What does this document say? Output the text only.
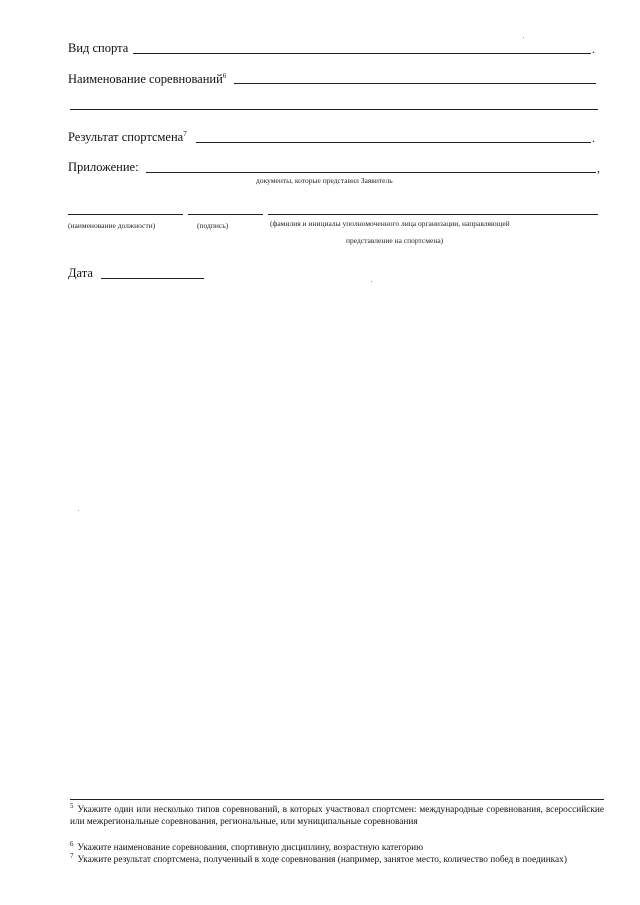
Вид спорта	.
Наименование соревнований$^6$
Результат спортсмена$^7$	.
Приложение:	,
документы, которые представил Заявитель
(наименование должности)	(подпись)	(фамилия и инициалы уполномоченного лица организации, направляющей
представление на спортсмена)
Дата
$^5$ Укажите один или несколько типов соревнований, в которых участвовал спортсмен: международные соревнования, всероссийские или межрегиональные соревнования, региональные, или муниципальные соревнования
$^6$ Укажите наименование соревнования, спортивную дисциплину, возрастную категорию
$^7$ Укажите результат спортсмена, полученный в ходе соревнования (например, занятое место, количество побед в поединках)
